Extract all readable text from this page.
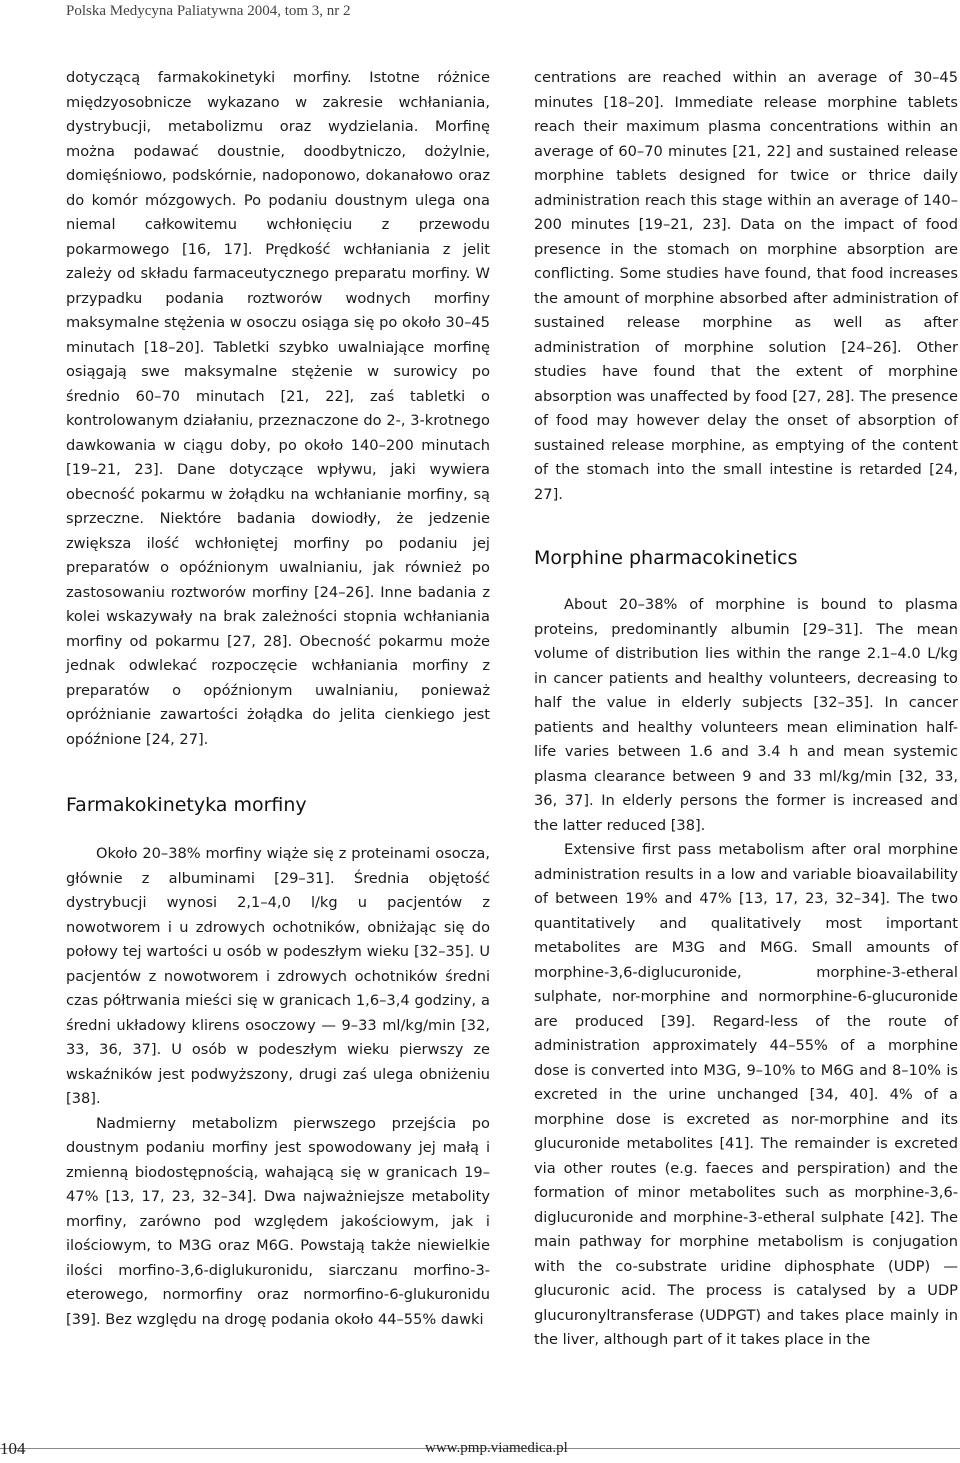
Polska Medycyna Paliatywna 2004, tom 3, nr 2

dotyczącą farmakokinetyki morfiny. Istotne różnice międzyosobnicze wykazano w zakresie wchłaniania, dystrybucji, metabolizmu oraz wydzielania. Morfinę można podawać doustnie, doodbytniczo, dożylnie, domięśniowo, podskórnie, nadoponowo, dokanałowo oraz do komór mózgowych. Po podaniu doustnym ulega ona niemal całkowitemu wchłonięciu z przewodu pokarmowego [16, 17]. Prędkość wchłaniania z jelit zależy od składu farmaceutycznego preparatu morfiny. W przypadku podania roztworów wodnych morfiny maksymalne stężenia w osoczu osiąga się po około 30–45 minutach [18–20]. Tabletki szybko uwalniające morfinę osiągają swe maksymalne stężenie w surowicy po średnio 60–70 minutach [21, 22], zaś tabletki o kontrolowanym działaniu, przeznaczone do 2-, 3-krotnego dawkowania w ciągu doby, po około 140–200 minutach [19–21, 23]. Dane dotyczące wpływu, jaki wywiera obecność pokarmu w żołądku na wchłanianie morfiny, są sprzeczne. Niektóre badania dowiodły, że jedzenie zwiększa ilość wchłoniętej morfiny po podaniu jej preparatów o opóźnionym uwalnianiu, jak również po zastosowaniu roztworów morfiny [24–26]. Inne badania z kolei wskazywały na brak zależności stopnia wchłaniania morfiny od pokarmu [27, 28]. Obecność pokarmu może jednak odwlekać rozpoczęcie wchłaniania morfiny z preparatów o opóźnionym uwalnianiu, ponieważ opróżnianie zawartości żołądka do jelita cienkiego jest opóźnione [24, 27].

Farmakokinetyka morfiny

Około 20–38% morfiny wiąże się z proteinami osocza, głównie z albuminami [29–31]. Średnia objętość dystrybucji wynosi 2,1–4,0 l/kg u pacjentów z nowotworem i u zdrowych ochotników, obniżając się do połowy tej wartości u osób w podeszłym wieku [32–35]. U pacjentów z nowotworem i zdrowych ochotników średni czas półtrwania mieści się w granicach 1,6–3,4 godziny, a średni układowy klirens osoczowy — 9–33 ml/kg/min [32, 33, 36, 37]. U osób w podeszłym wieku pierwszy ze wskaźników jest podwyższony, drugi zaś ulega obniżeniu [38].

Nadmierny metabolizm pierwszego przejścia po doustnym podaniu morfiny jest spowodowany jej małą i zmienną biodostępnością, wahającą się w granicach 19–47% [13, 17, 23, 32–34]. Dwa najważniejsze metabolity morfiny, zarówno pod względem jakościowym, jak i ilościowym, to M3G oraz M6G. Powstają także niewielkie ilości morfino-3,6-diglukuronidu, siarczanu morfino-3-eterowego, normorfiny oraz normorfino-6-glukuronidu [39]. Bez względu na drogę podania około 44–55% dawki

centrations are reached within an average of 30–45 minutes [18–20]. Immediate release morphine tablets reach their maximum plasma concentrations within an average of 60–70 minutes [21, 22] and sustained release morphine tablets designed for twice or thrice daily administration reach this stage within an average of 140–200 minutes [19–21, 23]. Data on the impact of food presence in the stomach on morphine absorption are conflicting. Some studies have found, that food increases the amount of morphine absorbed after administration of sustained release morphine as well as after administration of morphine solution [24–26]. Other studies have found that the extent of morphine absorption was unaffected by food [27, 28]. The presence of food may however delay the onset of absorption of sustained release morphine, as emptying of the content of the stomach into the small intestine is retarded [24, 27].

Morphine pharmacokinetics

About 20–38% of morphine is bound to plasma proteins, predominantly albumin [29–31]. The mean volume of distribution lies within the range 2.1–4.0 L/kg in cancer patients and healthy volunteers, decreasing to half the value in elderly subjects [32–35]. In cancer patients and healthy volunteers mean elimination half-life varies between 1.6 and 3.4 h and mean systemic plasma clearance between 9 and 33 ml/kg/min [32, 33, 36, 37]. In elderly persons the former is increased and the latter reduced [38].

Extensive first pass metabolism after oral morphine administration results in a low and variable bioavailability of between 19% and 47% [13, 17, 23, 32–34]. The two quantitatively and qualitatively most important metabolites are M3G and M6G. Small amounts of morphine-3,6-diglucuronide, morphine-3-etheral sulphate, nor-morphine and normorphine-6-glucuronide are produced [39]. Regard-less of the route of administration approximately 44–55% of a morphine dose is converted into M3G, 9–10% to M6G and 8–10% is excreted in the urine unchanged [34, 40]. 4% of a morphine dose is excreted as nor-morphine and its glucuronide metabolites [41]. The remainder is excreted via other routes (e.g. faeces and perspiration) and the formation of minor metabolites such as morphine-3,6-diglucuronide and morphine-3-etheral sulphate [42]. The main pathway for morphine metabolism is conjugation with the co-substrate uridine diphosphate (UDP) — glucuronic acid. The process is catalysed by a UDP glucuronyltransferase (UDPGT) and takes place mainly in the liver, although part of it takes place in the

104	www.pmp.viamedica.pl
